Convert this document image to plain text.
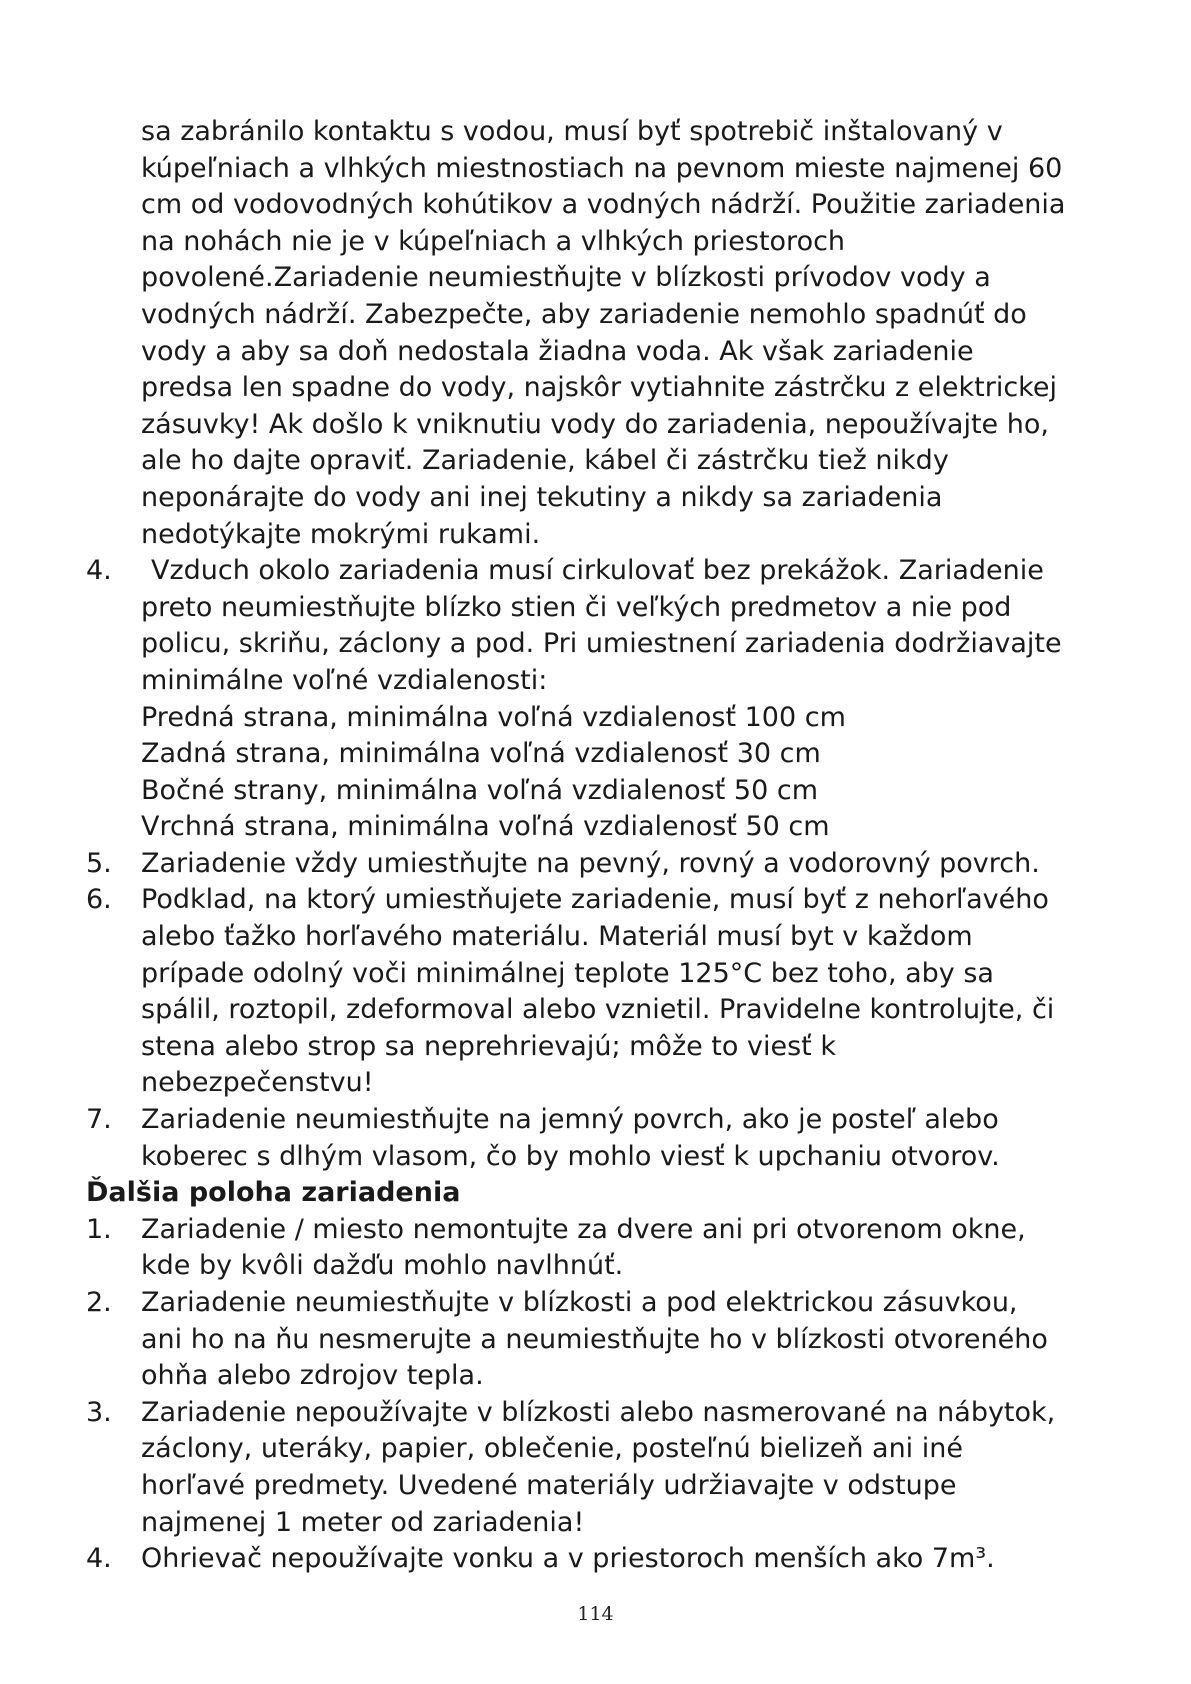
sa zabránilo kontaktu s vodou, musí byť spotrebič inštalovaný v
kúpeľniach a vlhkých miestnostiach na pevnom mieste najmenej 60
cm od vodovodných kohútikov a vodných nádrží. Použitie zariadenia
na nohách nie je v kúpeľniach a vlhkých priestoroch
povolené.Zariadenie neumiestňujte v blízkosti prívodov vody a
vodných nádrží. Zabezpečte, aby zariadenie nemohlo spadnúť do
vody a aby sa doň nedostala žiadna voda. Ak však zariadenie
predsa len spadne do vody, najskôr vytiahnite zástrčku z elektrickej
zásuvky! Ak došlo k vniknutiu vody do zariadenia, nepoužívajte ho,
ale ho dajte opraviť. Zariadenie, kábel či zástrčku tiež nikdy
neponárajte do vody ani inej tekutiny a nikdy sa zariadenia
nedotýkajte mokrými rukami.
4.	Vzduch okolo zariadenia musí cirkulovať bez prekážok. Zariadenie
preto neumiestňujte blízko stien či veľkých predmetov a nie pod
policu, skriňu, záclony a pod. Pri umiestnení zariadenia dodržiavajte
minimálne voľné vzdialenosti:
Predná strana, minimálna voľná vzdialenosť 100 cm
Zadná strana, minimálna voľná vzdialenosť 30 cm
Bočné strany, minimálna voľná vzdialenosť 50 cm
Vrchná strana, minimálna voľná vzdialenosť 50 cm
5.	Zariadenie vždy umiestňujte na pevný, rovný a vodorovný povrch.
6.	Podklad, na ktorý umiestňujete zariadenie, musí byť z nehorľavého
alebo ťažko horľavého materiálu. Materiál musí byt v každom
prípade odolný voči minimálnej teplote 125°C bez toho, aby sa
spálil, roztopil, zdeformoval alebo vznietil. Pravidelne kontrolujte, či
stena alebo strop sa neprehrievajú; môže to viesť k
nebezpečenstvu!
7.	Zariadenie neumiestňujte na jemný povrch, ako je posteľ alebo
koberec s dlhým vlasom, čo by mohlo viesť k upchaniu otvorov.
Ďalšia poloha zariadenia
1.	Zariadenie / miesto nemontujte za dvere ani pri otvorenom okne,
kde by kvôli dažďu mohlo navlhnúť.
2.	Zariadenie neumiestňujte v blízkosti a pod elektrickou zásuvkou,
ani ho na ňu nesmerujte a neumiestňujte ho v blízkosti otvoreného
ohňa alebo zdrojov tepla.
3.	Zariadenie nepoužívajte v blízkosti alebo nasmerované na nábytok,
záclony, uteráky, papier, oblečenie, posteľnú bielizeň ani iné
horľavé predmety. Uvedené materiály udržiavajte v odstupe
najmenej 1 meter od zariadenia!
4.	Ohrievač nepoužívajte vonku a v priestoroch menších ako 7m³.
114
